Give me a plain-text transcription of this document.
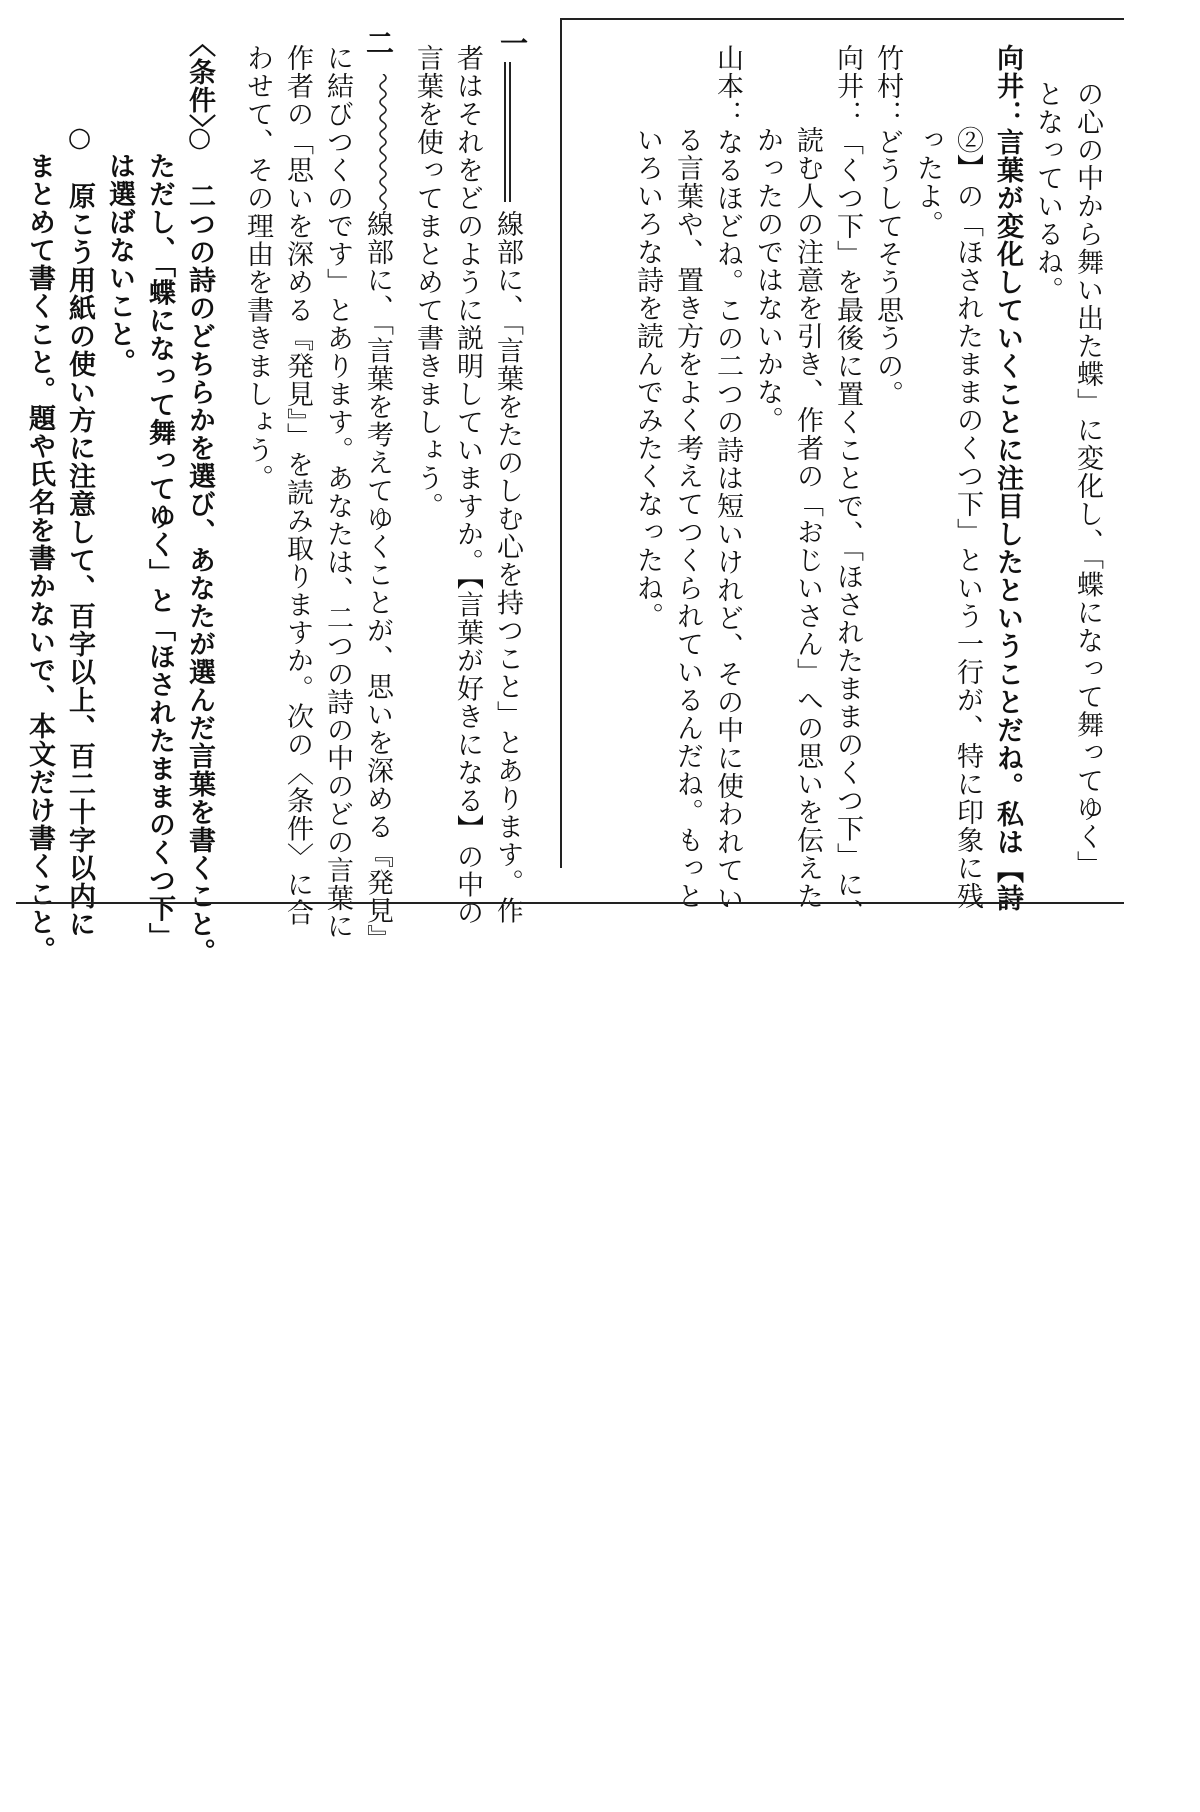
の心の中から舞い出た蝶」に変化し、「蝶になって舞ってゆく」
となっているね。
向井：言葉が変化していくことに注目したということだね。私は【詩
②】の「ほされたままのくつ下」という一行が、特に印象に残
ったよ。
竹村：どうしてそう思うの。
向井：「くつ下」を最後に置くことで、「ほされたままのくつ下」に、
読む人の注意を引き、作者の「おじいさん」への思いを伝えた
かったのではないかな。
山本：なるほどね。この二つの詩は短いけれど、その中に使われてい
る言葉や、置き方をよく考えてつくられているんだね。もっと
いろいろな詩を読んでみたくなったね。
一
線部に、「言葉をたのしむ心を持つこと」とあります。作
者はそれをどのように説明していますか。【言葉が好きになる】の中の
言葉を使ってまとめて書きましょう。
二
線部に、「言葉を考えてゆくことが、思いを深める『発見』
に結びつくのです」とあります。あなたは、二つの詩の中のどの言葉に
作者の「思いを深める『発見』」を読み取りますか。次の〈条件〉に合
わせて、その理由を書きましょう。
〈条件〉
○　二つの詩のどちらかを選び、あなたが選んだ言葉を書くこと。
ただし、「蝶になって舞ってゆく」と「ほされたままのくつ下」
は選ばないこと。
○　原こう用紙の使い方に注意して、百字以上、百二十字以内に
まとめて書くこと。題や氏名を書かないで、本文だけ書くこと。
